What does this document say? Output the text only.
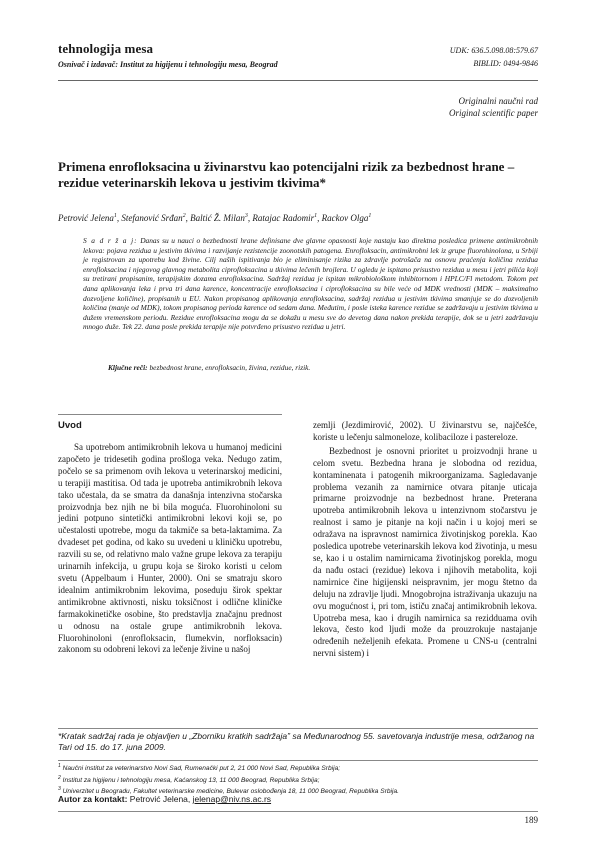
tehnologija mesa
Osnivač i izdavač: Institut za higijenu i tehnologiju mesa, Beograd
UDK: 636.5.098.08:579.67
BIBLID: 0494-9846
Originalni naučni rad
Original scientific paper
Primena enrofloksacina u živinarstvu kao potencijalni rizik za bezbednost hrane – rezidue veterinarskih lekova u jestivim tkivima*
Petrović Jelena$^1$, Stefanović Srđan$^2$, Baltić Ž. Milan$^3$, Ratajac Radomir$^1$, Rackov Olga$^1$
S a d r ž a j: Danas su u nauci o bezbednosti hrane definisane dve glavne opasnosti koje nastaju kao direktna posledica primene antimikrobnih lekova: pojava rezidua u jestivim tkivima i razvijanje rezistencije zoonotskih patogena. Enrofloksacin, antimikrobni lek iz grupe fluorohinolona, u Srbiji je registrovan za upotrebu kod živine. Cilj naših ispitivanja bio je eliminisanje rizika za zdravlje potrošača na osnovu praćenja količina rezidua enrofloksacina i njegovog glavnog metabolita ciprofloksacina u tkivima lečenih brojlera. U ogledu je ispitano prisustvo rezidua u mesu i jetri pilića koji su tretirani propisanim, terapijskim dozama enrofloksacina. Sadržaj rezidua je ispitan mikrobiološkom inhibitornom i HPLC/Fl metodom. Tokom pet dana aplikovanja leka i prva tri dana karence, koncentracije enrofloksacina i ciprofloksacina su bile veće od MDK vrednosti (MDK – maksimalno dozvoljene količine), propisanih u EU. Nakon propisanog aplikovanja enrofloksacina, sadržaj rezidua u jestivim tkivima smanjuje se do dozvoljenih količina (manje od MDK), tokom propisanog perioda karence od sedam dana. Međutim, i posle isteka karence rezidue se zadržavaju u jestivim tkivima u dužem vremenskom periodu. Rezidue enrofloksacina mogu da se dokažu u mesu sve do devetog dana nakon prekida terapije, dok se u jetri zadržavaju mnogo duže. Tek 22. dana posle prekida terapije nije potvrđeno prisustvo rezidua u jetri.
Ključne reči: bezbednost hrane, enrofloksacin, živina, rezidue, rizik.
Uvod

Sa upotrebom antimikrobnih lekova u humanoj medicini započeto je tridesetih godina prošloga veka. Nedugo zatim, počelo se sa primenom ovih lekova u veterinarskoj medicini, u terapiji mastitisa. Od tada je upotreba antimikrobnih lekova tako učestala, da se smatra da današnja intenzivna stočarska proizvodnja bez njih ne bi bila moguća. Fluorohinoloni su jedini potpuno sintetički antimikrobni lekovi koji se, po učestalosti upotrebe, mogu da takmiče sa beta-laktamima. Za dvadeset pet godina, od kako su uvedeni u kliničku upotrebu, razvili su se, od relativno malo važne grupe lekova za terapiju urinarnih infekcija, u grupu koja se široko koristi u celom svetu (Appelbaum i Hunter, 2000). Oni se smatraju skoro idealnim antimikrobnim lekovima, poseduju širok spektar antimikrobne aktivnosti, nisku toksičnost i odlične kliničke farmakokinetičke osobine, što predstavlja značajnu prednost u odnosu na ostale grupe antimikrobnih lekova. Fluorohinoloni (enrofloksacin, flumekvin, norfloksacin) zakonom su odobreni lekovi za lečenje živine u našoj

zemlji (Jezdimirović, 2002). U živinarstvu se, najčešće, koriste u lečenju salmoneloze, kolibaciloze i pastereloze.

Bezbednost je osnovni prioritet u proizvodnji hrane u celom svetu. Bezbedna hrana je slobodna od rezidua, kontaminenata i patogenih mikroorganizama. Sagledavanje problema vezanih za namirnice otvara pitanje uticaja primarne proizvodnje na bezbednost hrane. Preterana upotreba antimikrobnih lekova u intenzivnom stočarstvu je realnost i samo je pitanje na koji način i u kojoj meri se odražava na ispravnost namirnica životinjskog porekla. Kao posledica upotrebe veterinarskih lekova kod životinja, u mesu se, kao i u ostalim namirnicama životinjskog porekla, mogu da nađu ostaci (rezidue) lekova i njihovih metabolita, koji namirnice čine higijenski neispravnim, jer mogu štetno da deluju na zdravlje ljudi. Mnogobrojna istraživanja ukazuju na ovu mogućnost i, pri tom, ističu značaj antimikrobnih lekova. Upotreba mesa, kao i drugih namirnica sa rezidduama ovih lekova, često kod ljudi može da prouzrokuje nastajanje određenih neželjenih efekata. Promene u CNS-u (centralni nervni sistem) i

*Kratak sadržaj rada je objavljen u „Zborniku kratkih sadržaja” sa Međunarodnog 55. savetovanja industrije mesa, održanog na Tari od 15. do 17. juna 2009.
$^1$ Naučni institut za veterinarstvo Novi Sad, Rumenački put 2, 21 000 Novi Sad, Republika Srbija;
$^2$ Institut za higijenu i tehnologiju mesa, Kaćanskog 13, 11 000 Beograd, Republika Srbija;
$^3$ Univerzitet u Beogradu, Fakultet veterinarske medicine, Bulevar oslobođenja 18, 11 000 Beograd, Republika Srbija.
Autor za kontakt: Petrović Jelena, jelenap@niv.ns.ac.rs
189
